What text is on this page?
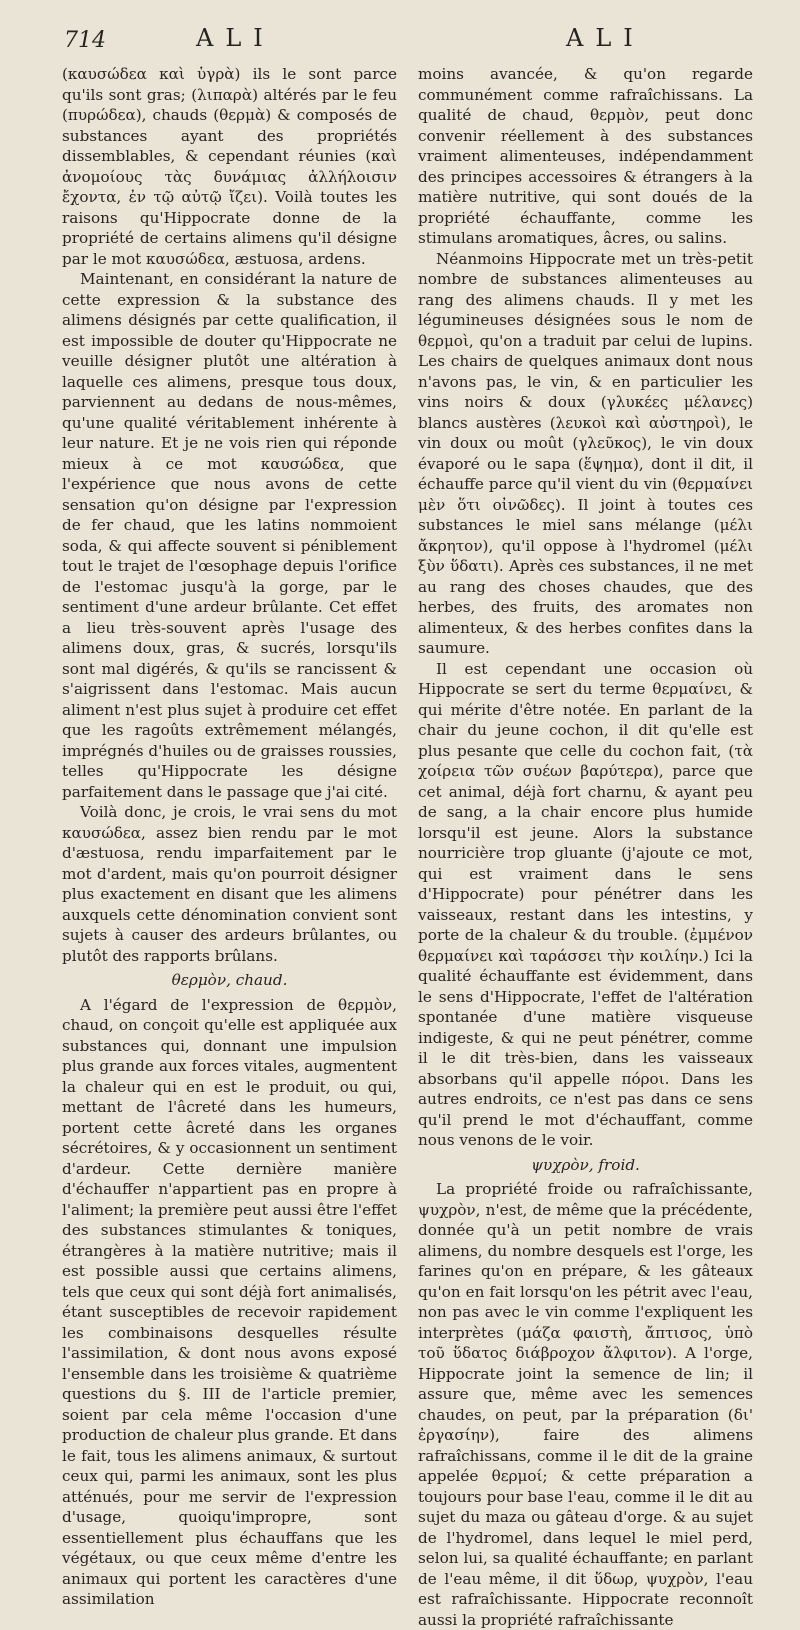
714	ALI	ALI

(καυσώδεα καὶ ὑγρὰ) ils le sont parce qu'ils sont gras; (λιπαρὰ) altérés par le feu (πυρώδεα), chauds (θερμὰ) & composés de substances ayant des propriétés dissemblables, & cependant réunies (καὶ ἀνομοίους τὰς δυνάμιας ἀλλήλοισιν ἔχοντα, ἐν τῷ αὐτῷ ἴζει). Voilà toutes les raisons qu'Hippocrate donne de la propriété de certains alimens qu'il désigne par le mot καυσώδεα, æstuosa, ardens.

Maintenant, en considérant la nature de cette expression & la substance des alimens désignés par cette qualification, il est impossible de douter qu'Hippocrate ne veuille désigner plutôt une altération à laquelle ces alimens, presque tous doux, parviennent au dedans de nous-mêmes, qu'une qualité véritablement inhérente à leur nature. Et je ne vois rien qui réponde mieux à ce mot καυσώδεα, que l'expérience que nous avons de cette sensation qu'on désigne par l'expression de fer chaud, que les latins nommoient soda, & qui affecte souvent si péniblement tout le trajet de l'œsophage depuis l'orifice de l'estomac jusqu'à la gorge, par le sentiment d'une ardeur brûlante. Cet effet a lieu très-souvent après l'usage des alimens doux, gras, & sucrés, lorsqu'ils sont mal digérés, & qu'ils se rancissent & s'aigrissent dans l'estomac. Mais aucun aliment n'est plus sujet à produire cet effet que les ragoûts extrêmement mélangés, imprégnés d'huiles ou de graisses roussies, telles qu'Hippocrate les désigne parfaitement dans le passage que j'ai cité.

Voilà donc, je crois, le vrai sens du mot καυσώδεα, assez bien rendu par le mot d'æstuosa, rendu imparfaitement par le mot d'ardent, mais qu'on pourroit désigner plus exactement en disant que les alimens auxquels cette dénomination convient sont sujets à causer des ardeurs brûlantes, ou plutôt des rapports brûlans.

θερμὸν, chaud.

A l'égard de l'expression de θερμὸν, chaud, on conçoit qu'elle est appliquée aux substances qui, donnant une impulsion plus grande aux forces vitales, augmentent la chaleur qui en est le produit, ou qui, mettant de l'âcreté dans les humeurs, portent cette âcreté dans les organes sécrétoires, & y occasionnent un sentiment d'ardeur. Cette dernière manière d'échauffer n'appartient pas en propre à l'aliment; la première peut aussi être l'effet des substances stimulantes & toniques, étrangères à la matière nutritive; mais il est possible aussi que certains alimens, tels que ceux qui sont déjà fort animalisés, étant susceptibles de recevoir rapidement les combinaisons desquelles résulte l'assimilation, & dont nous avons exposé l'ensemble dans les troisième & quatrième questions du §. III de l'article premier, soient par cela même l'occasion d'une production de chaleur plus grande. Et dans le fait, tous les alimens animaux, & surtout ceux qui, parmi les animaux, sont les plus atténués, pour me servir de l'expression d'usage, quoiqu'impropre, sont essentiellement plus échauffans que les végétaux, ou que ceux même d'entre les animaux qui portent les caractères d'une assimilation

moins avancée, & qu'on regarde communément comme rafraîchissans. La qualité de chaud, θερμὸν, peut donc convenir réellement à des substances vraiment alimenteuses, indépendamment des principes accessoires & étrangers à la matière nutritive, qui sont doués de la propriété échauffante, comme les stimulans aromatiques, âcres, ou salins.

Néanmoins Hippocrate met un très-petit nombre de substances alimenteuses au rang des alimens chauds. Il y met les légumineuses désignées sous le nom de θερμοὶ, qu'on a traduit par celui de lupins. Les chairs de quelques animaux dont nous n'avons pas, le vin, & en particulier les vins noirs & doux (γλυκέες μέλανες) blancs austères (λευκοὶ καὶ αὐστηροὶ), le vin doux ou moût (γλεῦκος), le vin doux évaporé ou le sapa (ἕψημα), dont il dit, il échauffe parce qu'il vient du vin (θερμαίνει μὲν ὅτι οἰνῶδες). Il joint à toutes ces substances le miel sans mélange (μέλι ἄκρητον), qu'il oppose à l'hydromel (μέλι ξὺν ὕδατι). Après ces substances, il ne met au rang des choses chaudes, que des herbes, des fruits, des aromates non alimenteux, & des herbes confites dans la saumure.

Il est cependant une occasion où Hippocrate se sert du terme θερμαίνει, & qui mérite d'être notée. En parlant de la chair du jeune cochon, il dit qu'elle est plus pesante que celle du cochon fait, (τὰ χοίρεια τῶν συέων βαρύτερα), parce que cet animal, déjà fort charnu, & ayant peu de sang, a la chair encore plus humide lorsqu'il est jeune. Alors la substance nourricière trop gluante (j'ajoute ce mot, qui est vraiment dans le sens d'Hippocrate) pour pénétrer dans les vaisseaux, restant dans les intestins, y porte de la chaleur & du trouble. (ἐμμένον θερμαίνει καὶ ταράσσει τὴν κοιλίην.) Ici la qualité échauffante est évidemment, dans le sens d'Hippocrate, l'effet de l'altération spontanée d'une matière visqueuse indigeste, & qui ne peut pénétrer, comme il le dit très-bien, dans les vaisseaux absorbans qu'il appelle πόροι. Dans les autres endroits, ce n'est pas dans ce sens qu'il prend le mot d'échauffant, comme nous venons de le voir.

ψυχρὸν, froid.

La propriété froide ou rafraîchissante, ψυχρὸν, n'est, de même que la précédente, donnée qu'à un petit nombre de vrais alimens, du nombre desquels est l'orge, les farines qu'on en prépare, & les gâteaux qu'on en fait lorsqu'on les pétrit avec l'eau, non pas avec le vin comme l'expliquent les interprètes (μάζα φαιστὴ, ἄπτισος, ὑπὸ τοῦ ὕδατος διάβροχον ἄλφιτον). A l'orge, Hippocrate joint la semence de lin; il assure que, même avec les semences chaudes, on peut, par la préparation (δι' ἐργασίην), faire des alimens rafraîchissans, comme il le dit de la graine appelée θερμοί; & cette préparation a toujours pour base l'eau, comme il le dit au sujet du maza ou gâteau d'orge. & au sujet de l'hydromel, dans lequel le miel perd, selon lui, sa qualité échauffante; en parlant de l'eau même, il dit ὕδωρ, ψυχρὸν, l'eau est rafraîchissante. Hippocrate reconnoît aussi la propriété rafraîchissante
